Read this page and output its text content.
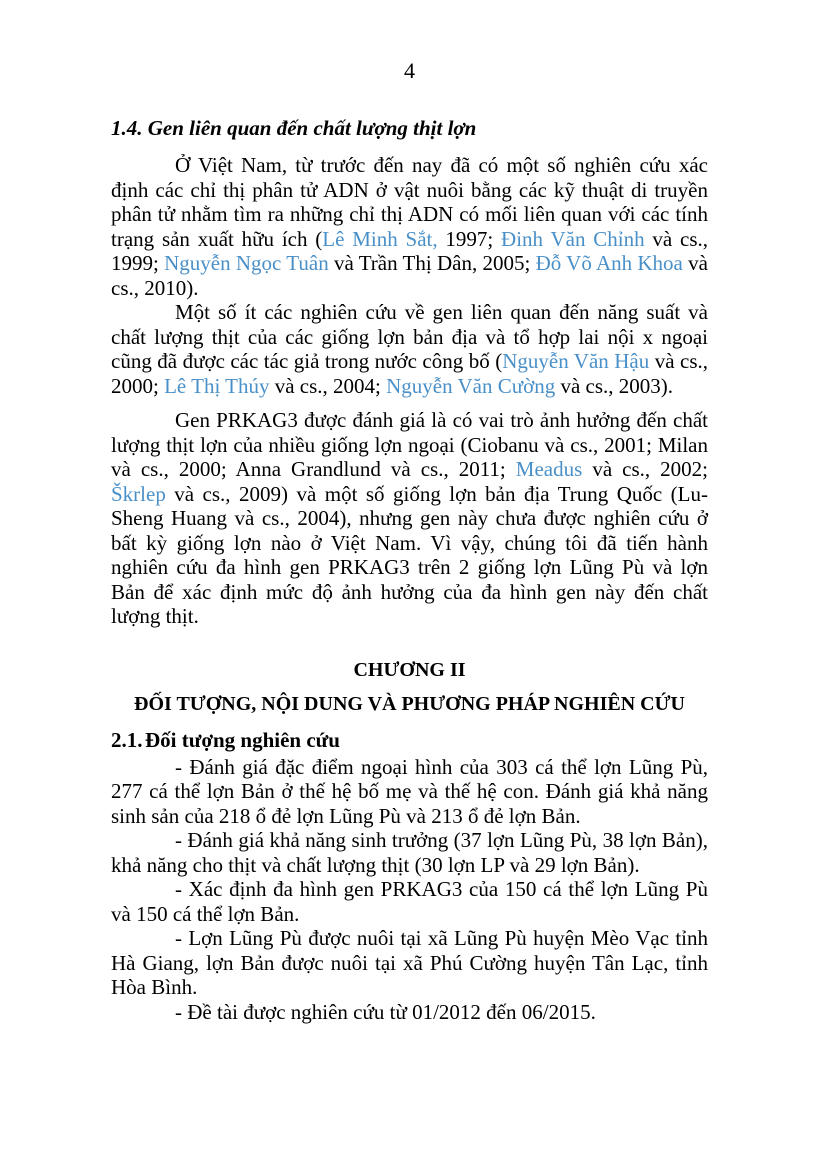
4
1.4. Gen liên quan đến chất lượng thịt lợn

Ở Việt Nam, từ trước đến nay đã có một số nghiên cứu xác định các chỉ thị phân tử ADN ở vật nuôi bằng các kỹ thuật di truyền phân tử nhằm tìm ra những chỉ thị ADN có mối liên quan với các tính trạng sản xuất hữu ích (Lê Minh Sắt, 1997; Đinh Văn Chỉnh và cs., 1999; Nguyễn Ngọc Tuân và Trần Thị Dân, 2005; Đỗ Võ Anh Khoa và cs., 2010).

Một số ít các nghiên cứu về gen liên quan đến năng suất và chất lượng thịt của các giống lợn bản địa và tổ hợp lai nội x ngoại cũng đã được các tác giả trong nước công bố (Nguyễn Văn Hậu và cs., 2000; Lê Thị Thúy và cs., 2004; Nguyễn Văn Cường và cs., 2003).

Gen PRKAG3 được đánh giá là có vai trò ảnh hưởng đến chất lượng thịt lợn của nhiều giống lợn ngoại (Ciobanu và cs., 2001; Milan và cs., 2000; Anna Grandlund và cs., 2011; Meadus và cs., 2002; Škrlep và cs., 2009) và một số giống lợn bản địa Trung Quốc (Lu-Sheng Huang và cs., 2004), nhưng gen này chưa được nghiên cứu ở bất kỳ giống lợn nào ở Việt Nam. Vì vậy, chúng tôi đã tiến hành nghiên cứu đa hình gen PRKAG3 trên 2 giống lợn Lũng Pù và lợn Bản để xác định mức độ ảnh hưởng của đa hình gen này đến chất lượng thịt.

CHƯƠNG II
ĐỐI TƯỢNG, NỘI DUNG VÀ PHƯƠNG PHÁP NGHIÊN CỨU
2.1. Đối tượng nghiên cứu

- Đánh giá đặc điểm ngoại hình của 303 cá thể lợn Lũng Pù, 277 cá thể lợn Bản ở thế hệ bố mẹ và thế hệ con. Đánh giá khả năng sinh sản của 218 ổ đẻ lợn Lũng Pù và 213 ổ đẻ lợn Bản.

- Đánh giá khả năng sinh trưởng (37 lợn Lũng Pù, 38 lợn Bản), khả năng cho thịt và chất lượng thịt (30 lợn LP và 29 lợn Bản).

- Xác định đa hình gen PRKAG3 của 150 cá thể lợn Lũng Pù và 150 cá thể lợn Bản.

- Lợn Lũng Pù được nuôi tại xã Lũng Pù huyện Mèo Vạc tỉnh Hà Giang, lợn Bản được nuôi tại xã Phú Cường huyện Tân Lạc, tỉnh Hòa Bình.

- Đề tài được nghiên cứu từ 01/2012 đến 06/2015.
